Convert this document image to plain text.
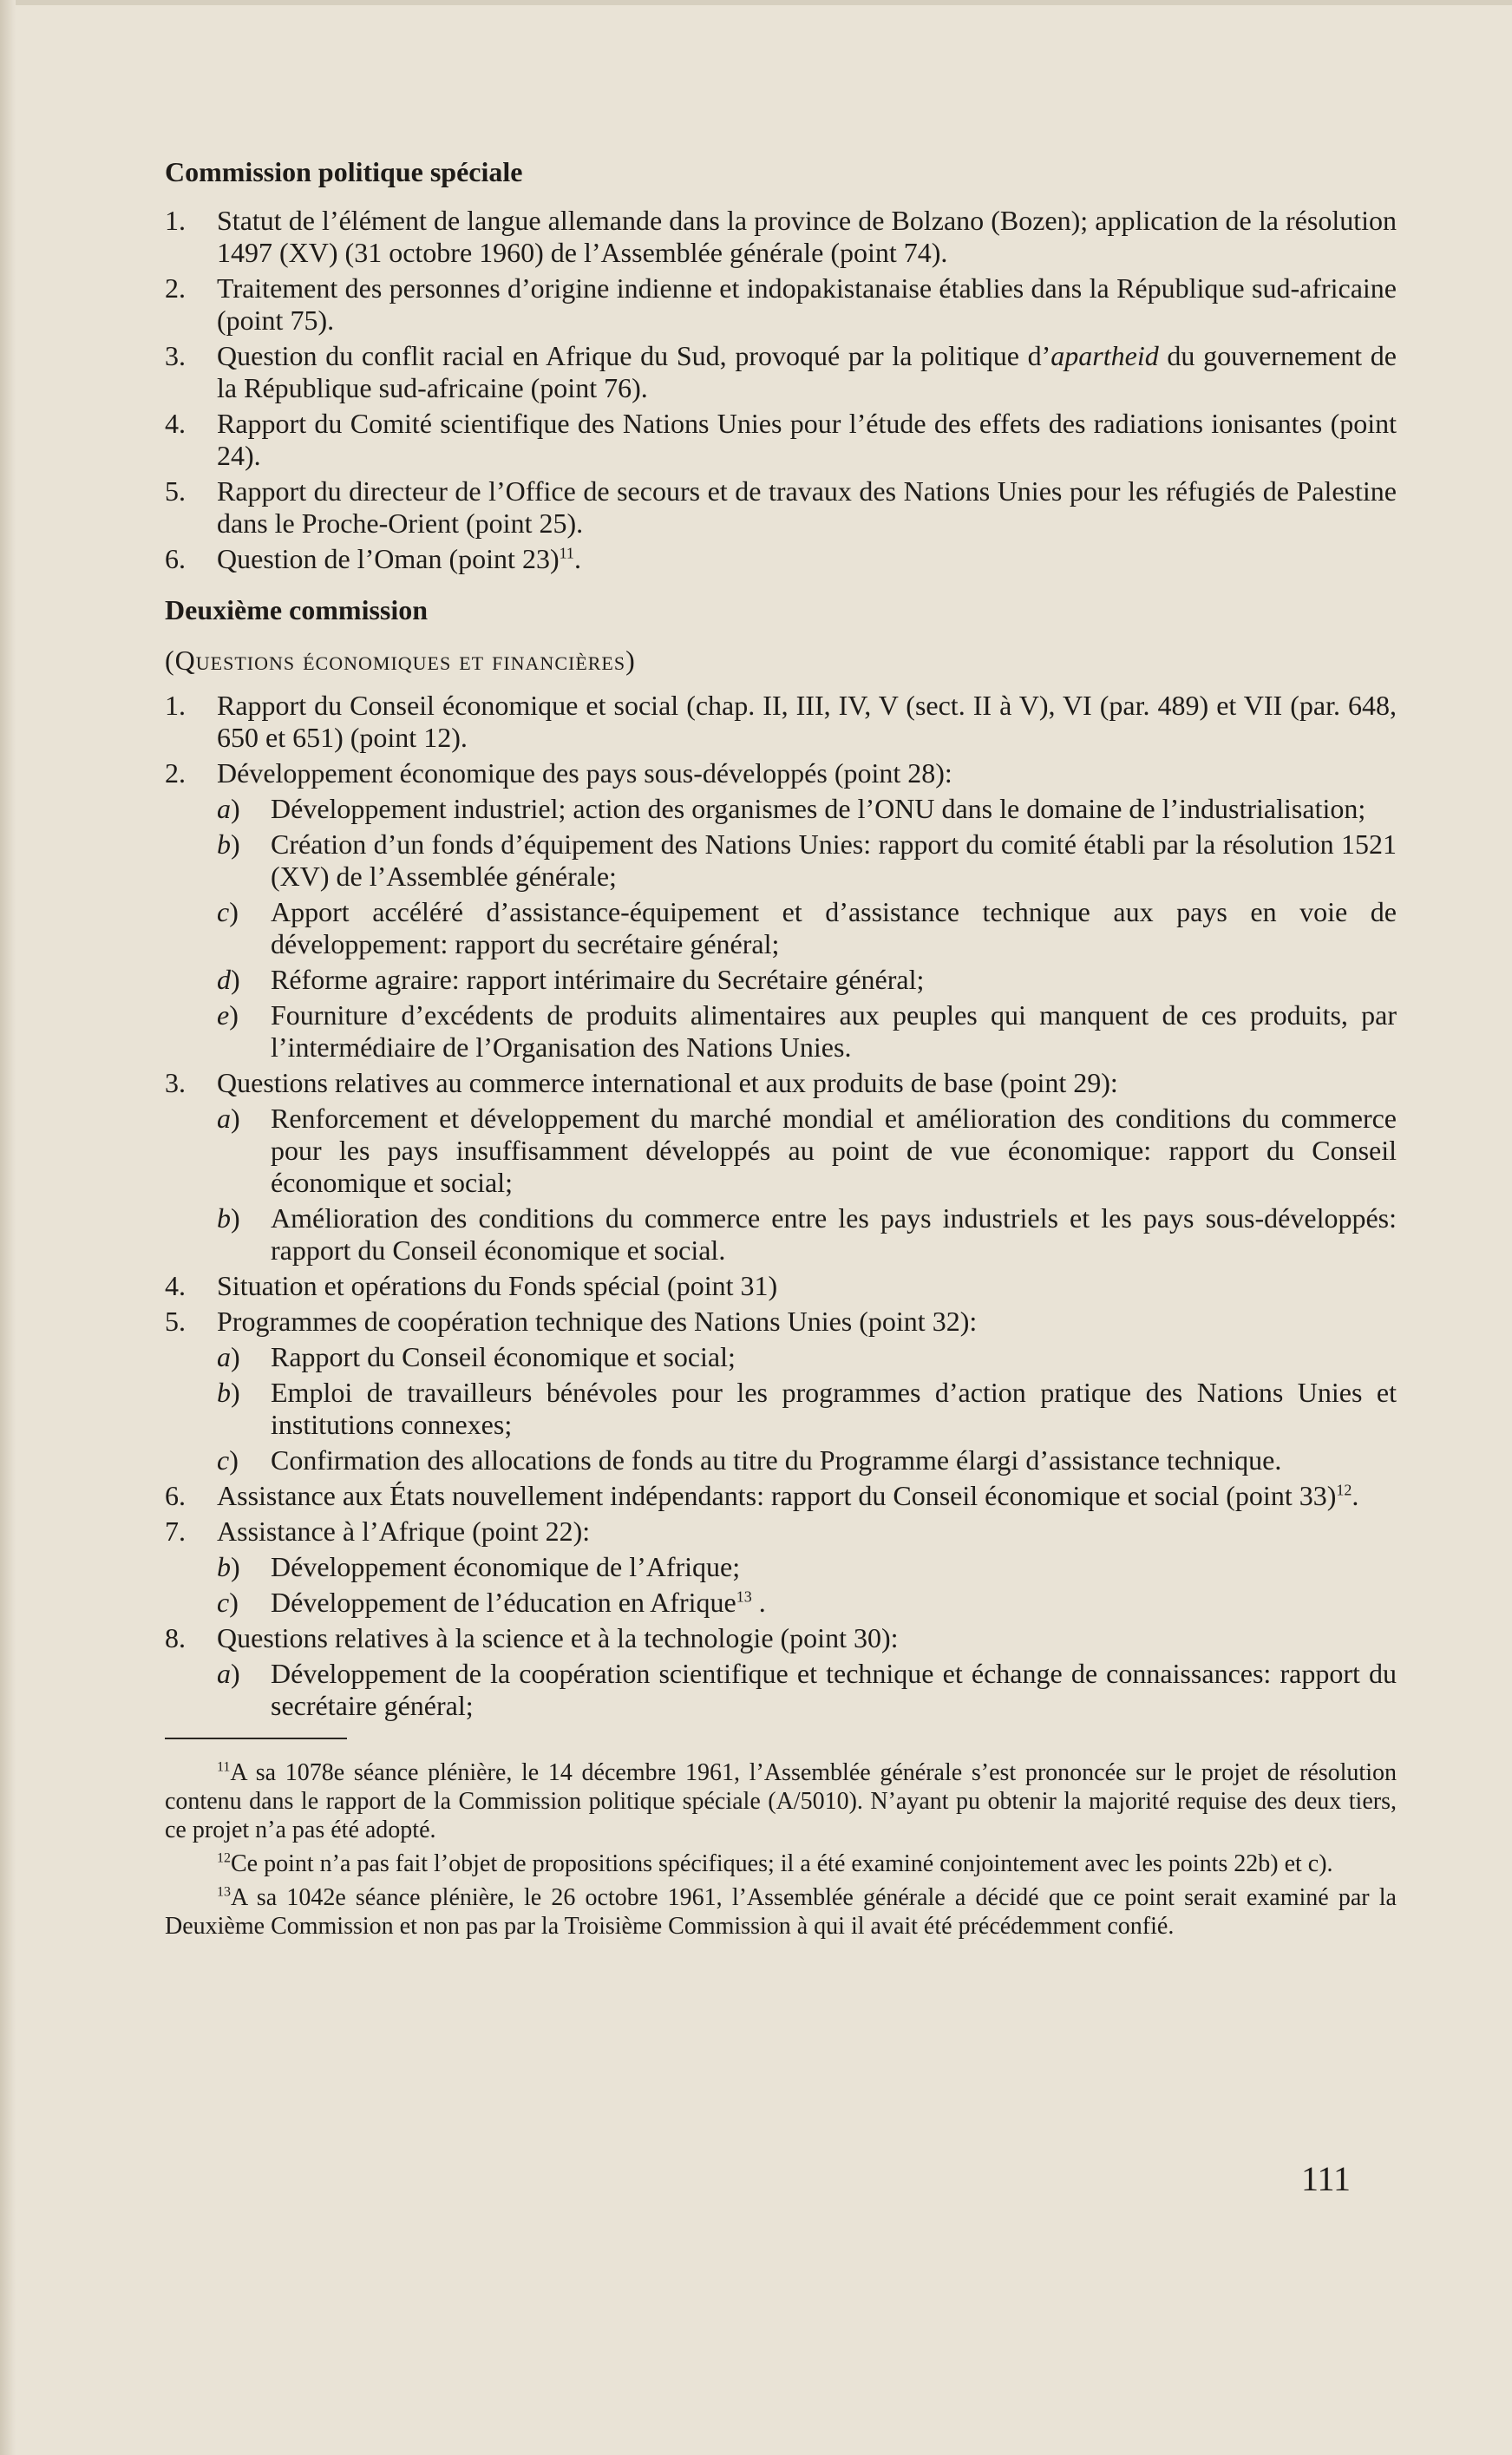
Commission politique spéciale
1.	Statut de l’élément de langue allemande dans la province de Bolzano (Bozen); application de la résolution 1497 (XV) (31 octobre 1960) de l’Assemblée générale (point 74).
2.	Traitement des personnes d’origine indienne et indopakistanaise établies dans la République sud-africaine (point 75).
3.	Question du conflit racial en Afrique du Sud, provoqué par la politique d’apartheid du gouvernement de la République sud-africaine (point 76).
4.	Rapport du Comité scientifique des Nations Unies pour l’étude des effets des radiations ionisantes (point 24).
5.	Rapport du directeur de l’Office de secours et de travaux des Nations Unies pour les réfugiés de Palestine dans le Proche-Orient (point 25).
6.	Question de l’Oman (point 23)$^{11}$.
Deuxième commission
(Questions économiques et financières)
1.	Rapport du Conseil économique et social (chap. II, III, IV, V (sect. II à V), VI (par. 489) et VII (par. 648, 650 et 651) (point 12).
2.	Développement économique des pays sous-développés (point 28):
a)	Développement industriel; action des organismes de l’ONU dans le domaine de l’industrialisation;
b)	Création d’un fonds d’équipement des Nations Unies: rapport du comité établi par la résolution 1521 (XV) de l’Assemblée générale;
c)	Apport accéléré d’assistance-équipement et d’assistance technique aux pays en voie de développement: rapport du secrétaire général;
d)	Réforme agraire: rapport intérimaire du Secrétaire général;
e)	Fourniture d’excédents de produits alimentaires aux peuples qui manquent de ces produits, par l’intermédiaire de l’Organisation des Nations Unies.
3.	Questions relatives au commerce international et aux produits de base (point 29):
a)	Renforcement et développement du marché mondial et amélioration des conditions du commerce pour les pays insuffisamment développés au point de vue économique: rapport du Conseil économique et social;
b)	Amélioration des conditions du commerce entre les pays industriels et les pays sous-développés: rapport du Conseil économique et social.
4.	Situation et opérations du Fonds spécial (point 31)
5.	Programmes de coopération technique des Nations Unies (point 32):
a)	Rapport du Conseil économique et social;
b)	Emploi de travailleurs bénévoles pour les programmes d’action pratique des Nations Unies et institutions connexes;
c)	Confirmation des allocations de fonds au titre du Programme élargi d’assistance technique.
6.	Assistance aux États nouvellement indépendants: rapport du Conseil économique et social (point 33)$^{12}$.
7.	Assistance à l’Afrique (point 22):
b)	Développement économique de l’Afrique;
c)	Développement de l’éducation en Afrique$^{13}$ .
8.	Questions relatives à la science et à la technologie (point 30):
a)	Développement de la coopération scientifique et technique et échange de connaissances: rapport du secrétaire général;
$^{11}$A sa 1078e séance plénière, le 14 décembre 1961, l’Assemblée générale s’est prononcée sur le projet de résolution contenu dans le rapport de la Commission politique spéciale (A/5010). N’ayant pu obtenir la majorité requise des deux tiers, ce projet n’a pas été adopté.
$^{12}$Ce point n’a pas fait l’objet de propositions spécifiques; il a été examiné conjointement avec les points 22b) et c).
$^{13}$A sa 1042e séance plénière, le 26 octobre 1961, l’Assemblée générale a décidé que ce point serait examiné par la Deuxième Commission et non pas par la Troisième Commission à qui il avait été précédemment confié.
111
